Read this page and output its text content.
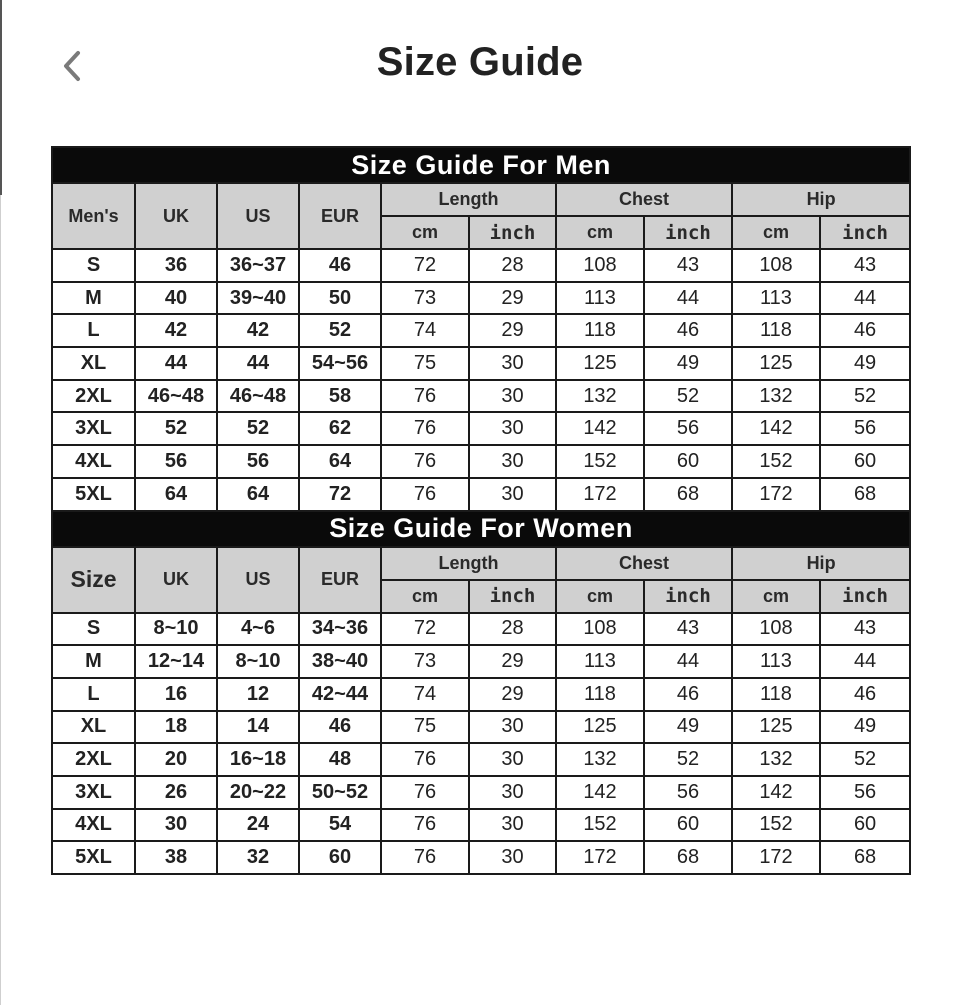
Size Guide
Size Guide For Men									
Men's	UK	US	EUR	Length		Chest		Hip	
				cm	inch	cm	inch	cm	inch
S	36	36~37	46	72	28	108	43	108	43
M	40	39~40	50	73	29	113	44	113	44
L	42	42	52	74	29	118	46	118	46
XL	44	44	54~56	75	30	125	49	125	49
2XL	46~48	46~48	58	76	30	132	52	132	52
3XL	52	52	62	76	30	142	56	142	56
4XL	56	56	64	76	30	152	60	152	60
5XL	64	64	72	76	30	172	68	172	68
Size Guide For Women									
Size	UK	US	EUR	Length		Chest		Hip	
				cm	inch	cm	inch	cm	inch
S	8~10	4~6	34~36	72	28	108	43	108	43
M	12~14	8~10	38~40	73	29	113	44	113	44
L	16	12	42~44	74	29	118	46	118	46
XL	18	14	46	75	30	125	49	125	49
2XL	20	16~18	48	76	30	132	52	132	52
3XL	26	20~22	50~52	76	30	142	56	142	56
4XL	30	24	54	76	30	152	60	152	60
5XL	38	32	60	76	30	172	68	172	68
